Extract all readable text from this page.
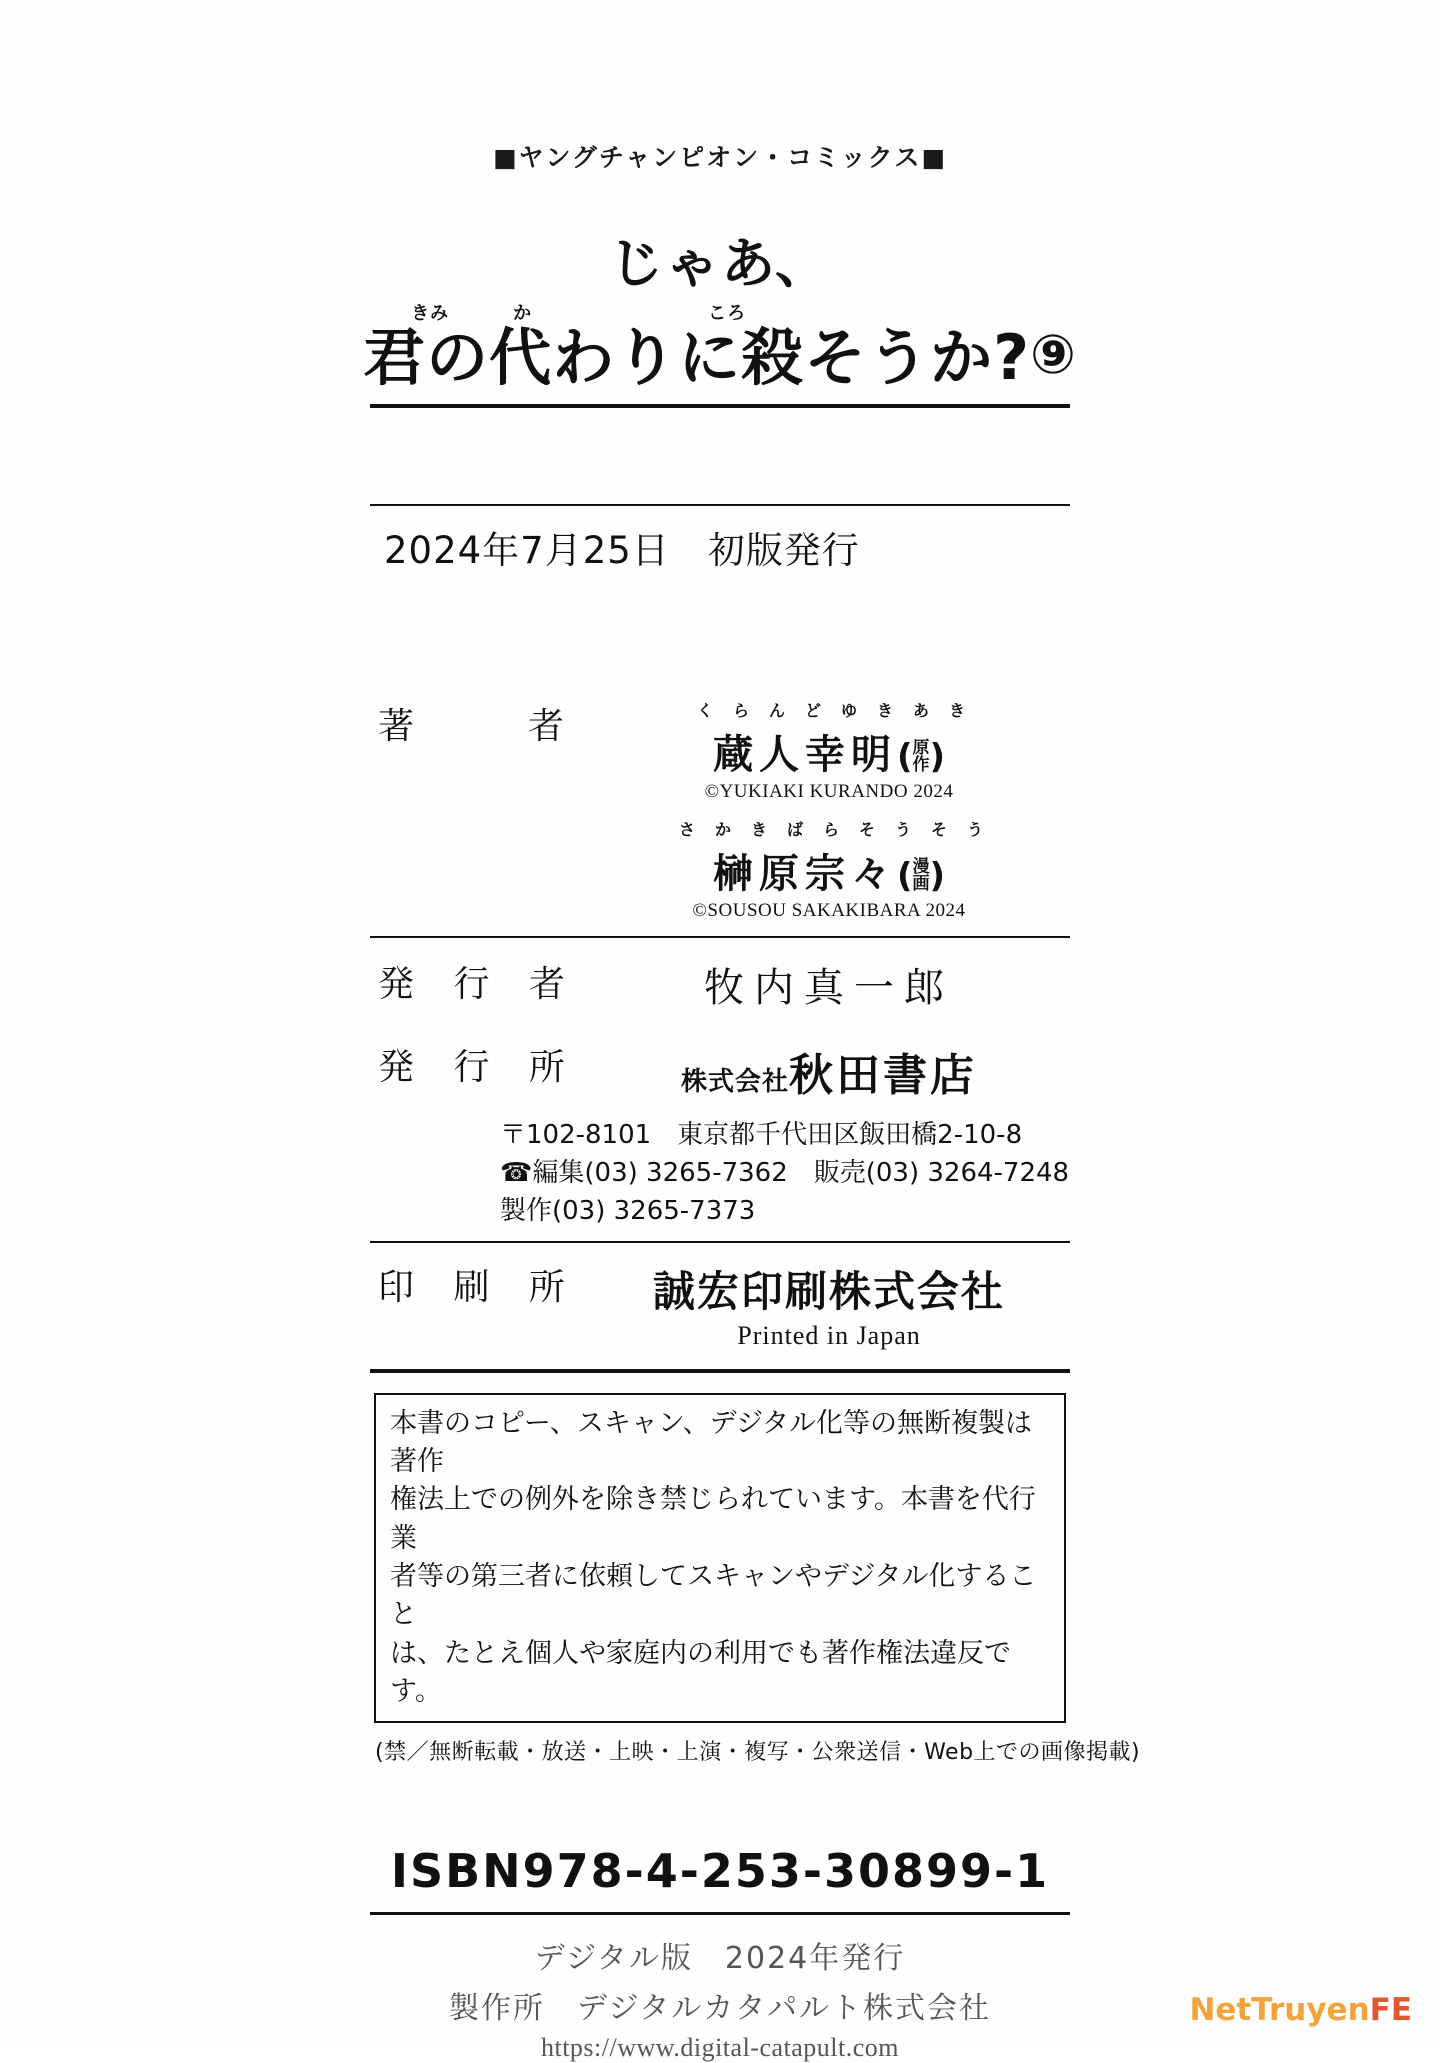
■ヤングチャンピオン・コミックス■
じゃあ、
きみ	か	ころ
君の代わりに殺そうか?⑨
2024年7月25日　初版発行
著　　者	くらんどゆきあき
蔵人幸明( 原
作 )
©YUKIAKI KURANDO 2024
さかきばらそうそう
榊原宗々( 漫
画 )
©SOUSOU SAKAKIBARA 2024
発 行 者	牧内真一郎
発 行 所	株式会社秋田書店
〒102-8101　東京都千代田区飯田橋2-10-8
☎編集(03) 3265-7362　販売(03) 3264-7248
製作(03) 3265-7373
印 刷 所	誠宏印刷株式会社
Printed in Japan
本書のコピー、スキャン、デジタル化等の無断複製は著作
権法上での例外を除き禁じられています。本書を代行業
者等の第三者に依頼してスキャンやデジタル化すること
は、たとえ個人や家庭内の利用でも著作権法違反です。
(禁／無断転載・放送・上映・上演・複写・公衆送信・Web上での画像掲載)
ISBN978-4-253-30899-1
デジタル版　2024年発行
製作所　デジタルカタパルト株式会社
https://www.digital-catapult.com
NetTruyenFE
